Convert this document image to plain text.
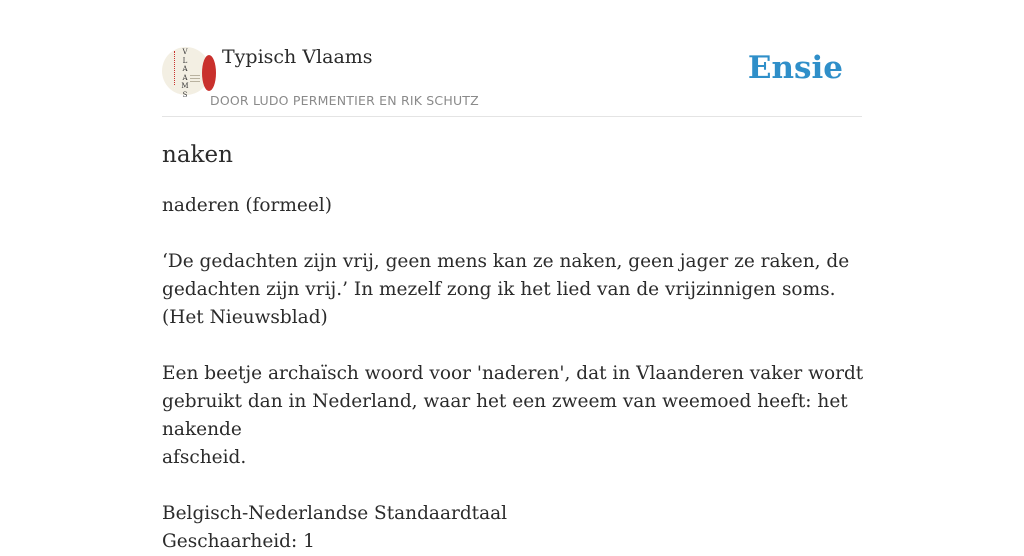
V
L
A
A
M
S
Typisch Vlaams
DOOR LUDO PERMENTIER EN RIK SCHUTZ
Ensie
naken

naderen (formeel)

‘De gedachten zijn vrij, geen mens kan ze naken, geen jager ze raken, de

gedachten zijn vrij.’ In mezelf zong ik het lied van de vrijzinnigen soms.

(Het Nieuwsblad)

Een beetje archaïsch woord voor 'naderen', dat in Vlaanderen vaker wordt

gebruikt dan in Nederland, waar het een zweem van weemoed heeft: het nakende

afscheid.

Belgisch-Nederlandse Standaardtaal

Geschaarheid: 1
